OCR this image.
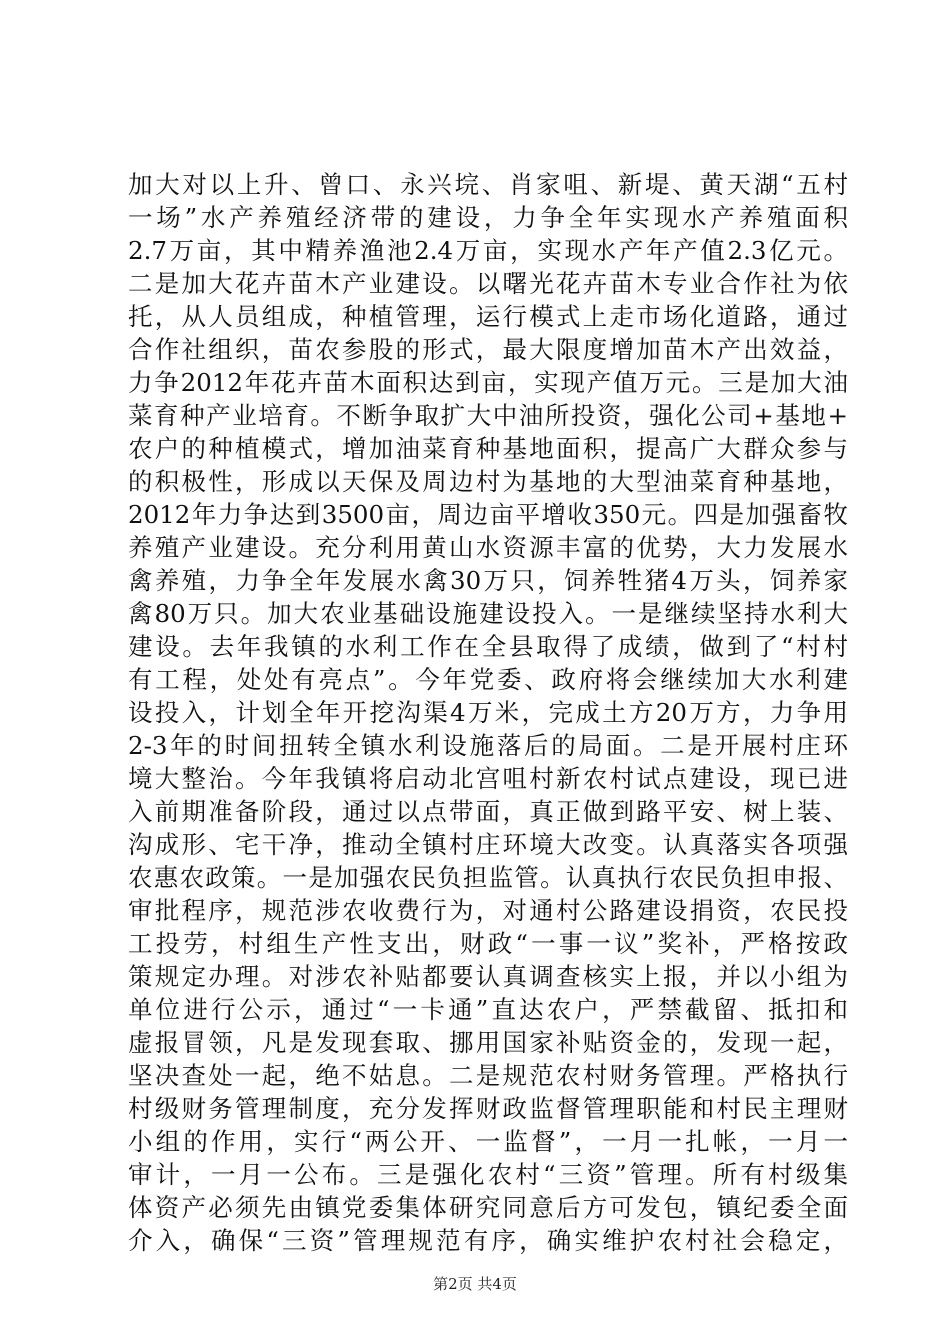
加大对以上升、曾口、永兴垸、肖家咀、新堤、黄天湖“五村
一场”水产养殖经济带的建设，力争全年实现水产养殖面积
2.7万亩，其中精养渔池2.4万亩，实现水产年产值2.3亿元。
二是加大花卉苗木产业建设。以曙光花卉苗木专业合作社为依
托，从人员组成，种植管理，运行模式上走市场化道路，通过
合作社组织，苗农参股的形式，最大限度增加苗木产出效益，
力争2012年花卉苗木面积达到亩，实现产值万元。三是加大油
菜育种产业培育。不断争取扩大中油所投资，强化公司+基地+
农户的种植模式，增加油菜育种基地面积，提高广大群众参与
的积极性，形成以天保及周边村为基地的大型油菜育种基地，
2012年力争达到3500亩，周边亩平增收350元。四是加强畜牧
养殖产业建设。充分利用黄山水资源丰富的优势，大力发展水
禽养殖，力争全年发展水禽30万只，饲养牲猪4万头，饲养家
禽80万只。加大农业基础设施建设投入。一是继续坚持水利大
建设。去年我镇的水利工作在全县取得了成绩，做到了“村村
有工程，处处有亮点”。今年党委、政府将会继续加大水利建
设投入，计划全年开挖沟渠4万米，完成土方20万方，力争用
2-3年的时间扭转全镇水利设施落后的局面。二是开展村庄环
境大整治。今年我镇将启动北宫咀村新农村试点建设，现已进
入前期准备阶段，通过以点带面，真正做到路平安、树上装、
沟成形、宅干净，推动全镇村庄环境大改变。认真落实各项强
农惠农政策。一是加强农民负担监管。认真执行农民负担申报、
审批程序，规范涉农收费行为，对通村公路建设捐资，农民投
工投劳，村组生产性支出，财政“一事一议”奖补，严格按政
策规定办理。对涉农补贴都要认真调查核实上报，并以小组为
单位进行公示，通过“一卡通”直达农户，严禁截留、抵扣和
虚报冒领，凡是发现套取、挪用国家补贴资金的，发现一起，
坚决查处一起，绝不姑息。二是规范农村财务管理。严格执行
村级财务管理制度，充分发挥财政监督管理职能和村民主理财
小组的作用，实行“两公开、一监督”，一月一扎帐，一月一
审计，一月一公布。三是强化农村“三资”管理。所有村级集
体资产必须先由镇党委集体研究同意后方可发包，镇纪委全面
介入，确保“三资”管理规范有序，确实维护农村社会稳定，
第2页 共4页
